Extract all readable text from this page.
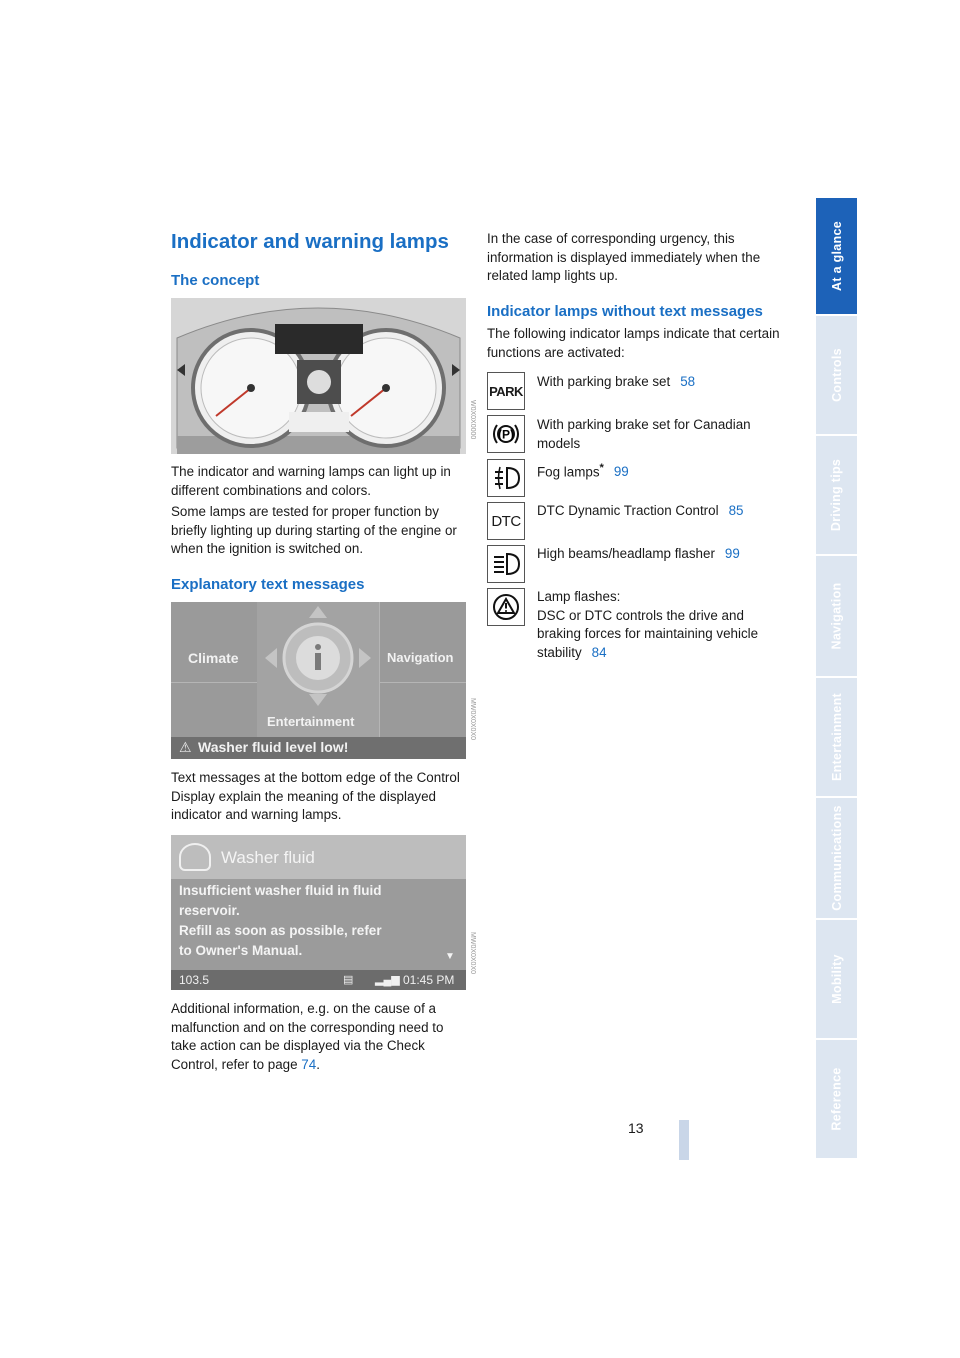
At a glance
Controls
Driving tips
Navigation
Entertainment
Communications
Mobility
Reference
13
Indicator and warning lamps
The concept
W0X0X0000
The indicator and warning lamps can light up in different combinations and colors.
Some lamps are tested for proper function by briefly lighting up during starting of the engine or when the ignition is switched on.
Explanatory text messages
Climate	Navigation
Entertainment
⚠ Washer fluid level low!
MW0X0X0X0
Text messages at the bottom edge of the Control Display explain the meaning of the displayed indicator and warning lamps.
Washer fluid
Insufficient washer fluid in fluid
reservoir.
Refill as soon as possible, refer
to Owner's Manual.	▼
103.5	▤ ▂▄▆ 01:45 PM
MW0X0X0X0
Additional information, e.g. on the cause of a malfunction and on the corresponding need to take action can be displayed via the Check Control, refer to page 74.
In the case of corresponding urgency, this information is displayed immediately when the related lamp lights up.
Indicator lamps without text messages
The following indicator lamps indicate that certain functions are activated:
PARK
With parking brake set 58
(P)
With parking brake set for Canadian models
Fog lamps* 99
DTC
DTC Dynamic Traction Control 85
High beams/headlamp flasher 99
Lamp flashes:
DSC or DTC controls the drive and braking forces for maintaining vehicle stability 84
